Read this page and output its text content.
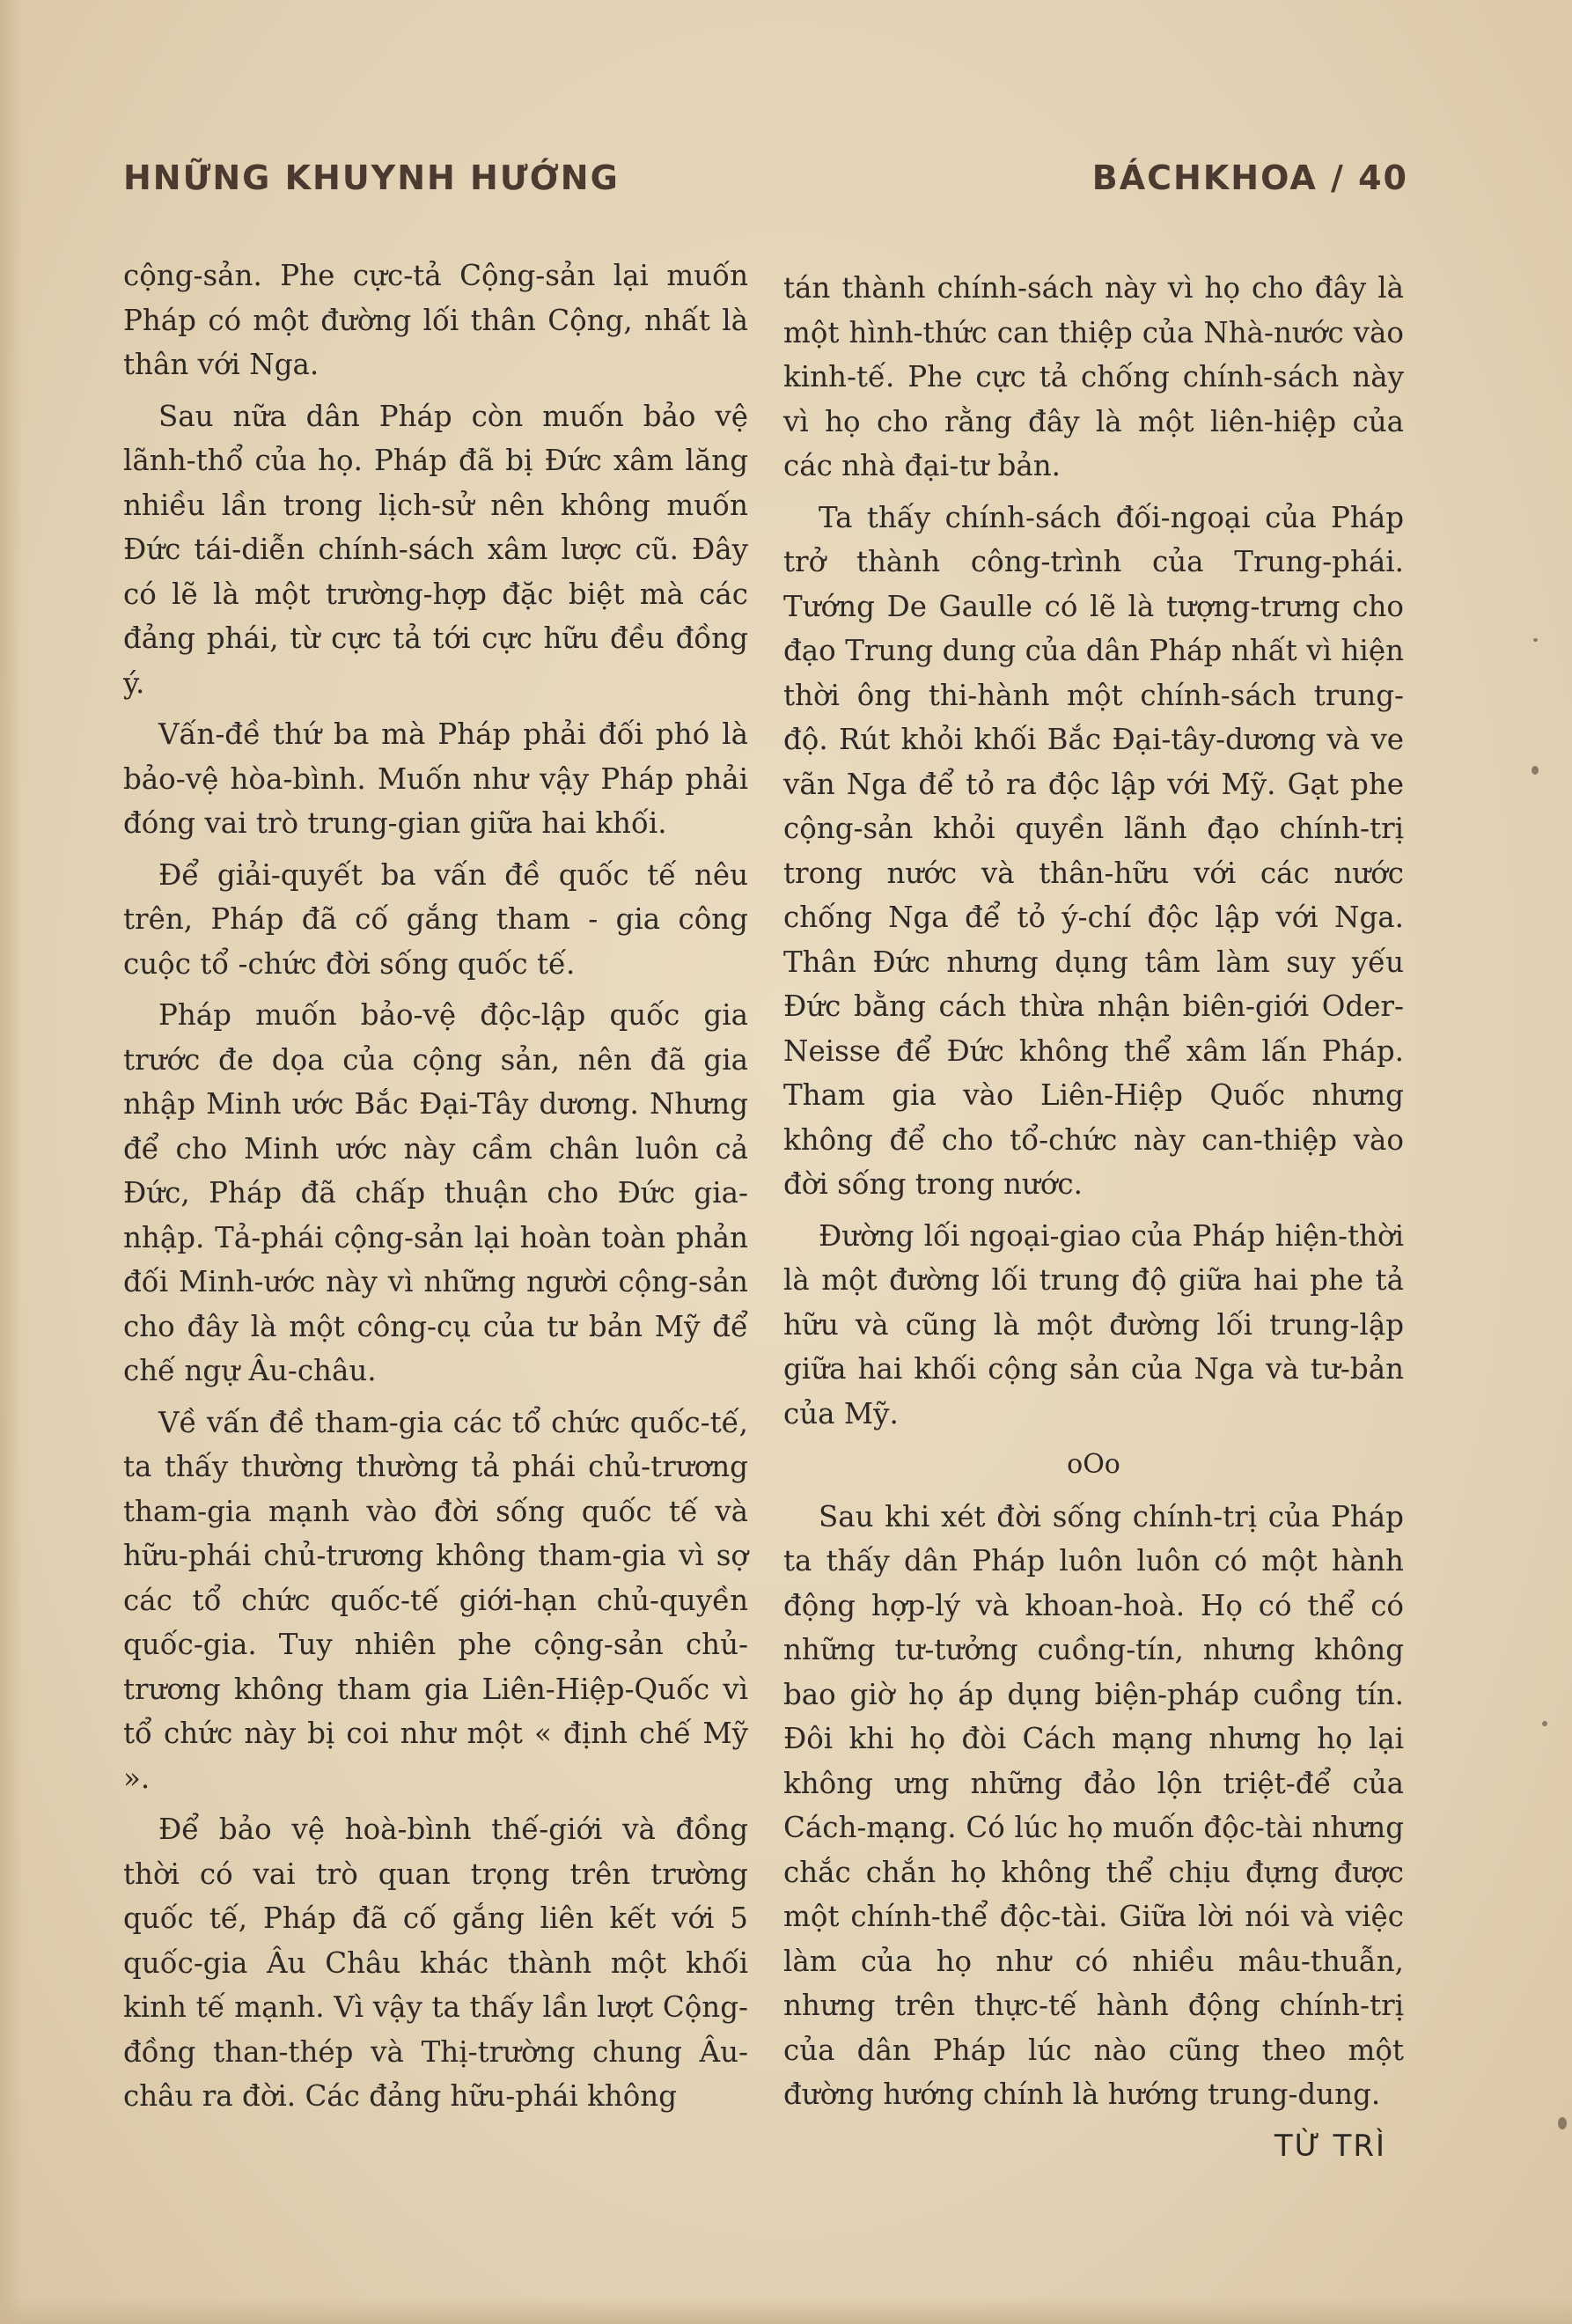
HNỮNG KHUYNH HƯỚNG	BÁCHKHOA / 40

cộng-sản. Phe cực-tả Cộng-sản lại muốn Pháp có một đường lối thân Cộng, nhất là thân với Nga.

Sau nữa dân Pháp còn muốn bảo vệ lãnh-thổ của họ. Pháp đã bị Đức xâm lăng nhiều lần trong lịch-sử nên không muốn Đức tái-diễn chính-sách xâm lược cũ. Đây có lẽ là một trường-hợp đặc biệt mà các đảng phái, từ cực tả tới cực hữu đều đồng ý.

Vấn-đề thứ ba mà Pháp phải đối phó là bảo-vệ hòa-bình. Muốn như vậy Pháp phải đóng vai trò trung-gian giữa hai khối.

Để giải-quyết ba vấn đề quốc tế nêu trên, Pháp đã cố gắng tham - gia công cuộc tổ -chức đời sống quốc tế.

Pháp muốn bảo-vệ độc-lập quốc gia trước đe dọa của cộng sản, nên đã gia nhập Minh ước Bắc Đại-Tây dương. Nhưng để cho Minh ước này cầm chân luôn cả Đức, Pháp đã chấp thuận cho Đức gia-nhập. Tả-phái cộng-sản lại hoàn toàn phản đối Minh-ước này vì những người cộng-sản cho đây là một công-cụ của tư bản Mỹ để chế ngự Âu-châu.

Về vấn đề tham-gia các tổ chức quốc-tế, ta thấy thường thường tả phái chủ-trương tham-gia mạnh vào đời sống quốc tế và hữu-phái chủ-trương không tham-gia vì sợ các tổ chức quốc-tế giới-hạn chủ-quyền quốc-gia. Tuy nhiên phe cộng-sản chủ-trương không tham gia Liên-Hiệp-Quốc vì tổ chức này bị coi như một « định chế Mỹ ».

Để bảo vệ hoà-bình thế-giới và đồng thời có vai trò quan trọng trên trường quốc tế, Pháp đã cố gắng liên kết với 5 quốc-gia Âu Châu khác thành một khối kinh tế mạnh. Vì vậy ta thấy lần lượt Cộng-đồng than-thép và Thị-trường chung Âu-châu ra đời. Các đảng hữu-phái không

tán thành chính-sách này vì họ cho đây là một hình-thức can thiệp của Nhà-nước vào kinh-tế. Phe cực tả chống chính-sách này vì họ cho rằng đây là một liên-hiệp của các nhà đại-tư bản.

Ta thấy chính-sách đối-ngoại của Pháp trở thành công-trình của Trung-phái. Tướng De Gaulle có lẽ là tượng-trưng cho đạo Trung dung của dân Pháp nhất vì hiện thời ông thi-hành một chính-sách trung-độ. Rút khỏi khối Bắc Đại-tây-dương và ve vãn Nga để tỏ ra độc lập với Mỹ. Gạt phe cộng-sản khỏi quyền lãnh đạo chính-trị trong nước và thân-hữu với các nước chống Nga để tỏ ý-chí độc lập với Nga. Thân Đức nhưng dụng tâm làm suy yếu Đức bằng cách thừa nhận biên-giới Oder-Neisse để Đức không thể xâm lấn Pháp. Tham gia vào Liên-Hiệp Quốc nhưng không để cho tổ-chức này can-thiệp vào đời sống trong nước.

Đường lối ngoại-giao của Pháp hiện-thời là một đường lối trung độ giữa hai phe tả hữu và cũng là một đường lối trung-lập giữa hai khối cộng sản của Nga và tư-bản của Mỹ.

oOo

Sau khi xét đời sống chính-trị của Pháp ta thấy dân Pháp luôn luôn có một hành động hợp-lý và khoan-hoà. Họ có thể có những tư-tưởng cuồng-tín, nhưng không bao giờ họ áp dụng biện-pháp cuồng tín. Đôi khi họ đòi Cách mạng nhưng họ lại không ưng những đảo lộn triệt-để của Cách-mạng. Có lúc họ muốn độc-tài nhưng chắc chắn họ không thể chịu đựng được một chính-thể độc-tài. Giữa lời nói và việc làm của họ như có nhiều mâu-thuẫn, nhưng trên thực-tế hành động chính-trị của dân Pháp lúc nào cũng theo một đường hướng chính là hướng trung-dung.

TỪ TRÌ
